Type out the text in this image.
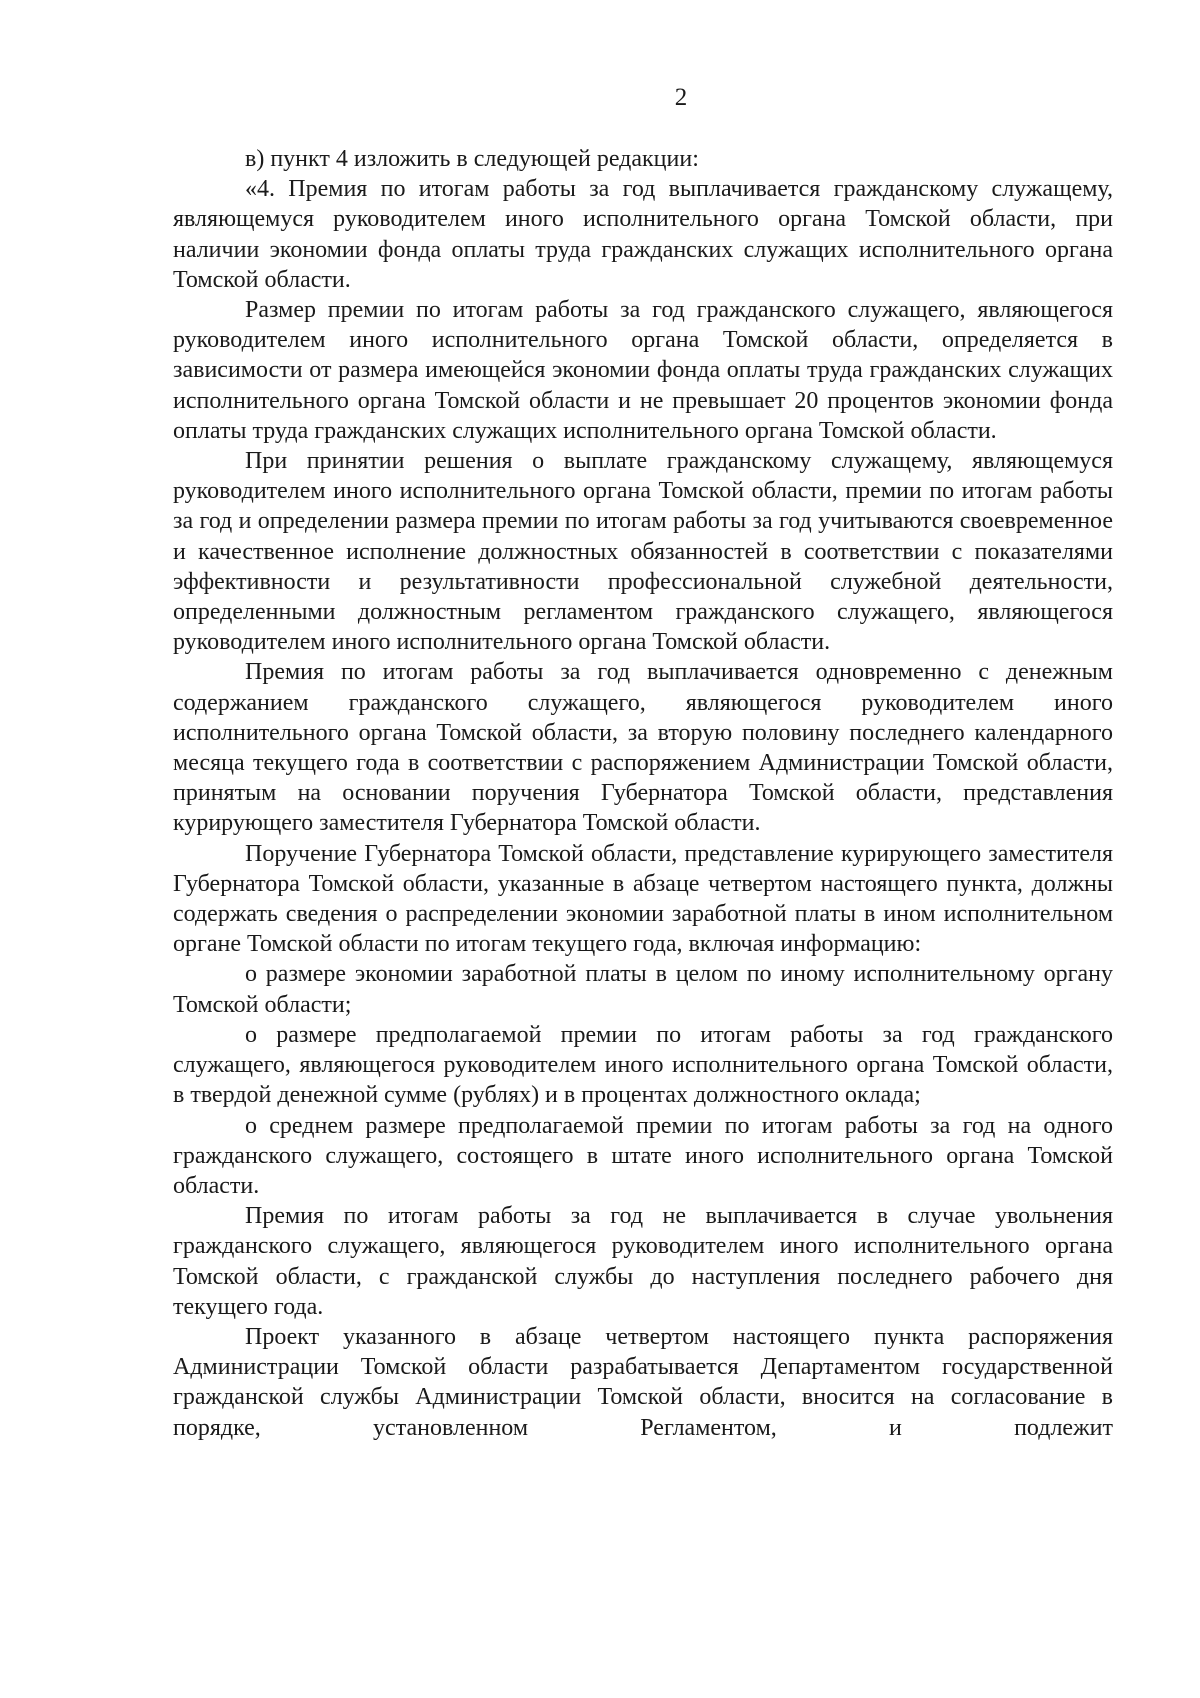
2

в) пункт 4 изложить в следующей редакции:

«4. Премия по итогам работы за год выплачивается гражданскому служащему, являющемуся руководителем иного исполнительного органа Томской области, при наличии экономии фонда оплаты труда гражданских служащих исполнительного органа Томской области.

Размер премии по итогам работы за год гражданского служащего, являющегося руководителем иного исполнительного органа Томской области, определяется в зависимости от размера имеющейся экономии фонда оплаты труда гражданских служащих исполнительного органа Томской области и не превышает 20 процентов экономии фонда оплаты труда гражданских служащих исполнительного органа Томской области.

При принятии решения о выплате гражданскому служащему, являющемуся руководителем иного исполнительного органа Томской области, премии по итогам работы за год и определении размера премии по итогам работы за год учитываются своевременное и качественное исполнение должностных обязанностей в соответствии с показателями эффективности и результативности профессиональной служебной деятельности, определенными должностным регламентом гражданского служащего, являющегося руководителем иного исполнительного органа Томской области.

Премия по итогам работы за год выплачивается одновременно с денежным содержанием гражданского служащего, являющегося руководителем иного исполнительного органа Томской области, за вторую половину последнего календарного месяца текущего года в соответствии с распоряжением Администрации Томской области, принятым на основании поручения Губернатора Томской области, представления курирующего заместителя Губернатора Томской области.

Поручение Губернатора Томской области, представление курирующего заместителя Губернатора Томской области, указанные в абзаце четвертом настоящего пункта, должны содержать сведения о распределении экономии заработной платы в ином исполнительном органе Томской области по итогам текущего года, включая информацию:

о размере экономии заработной платы в целом по иному исполнительному органу Томской области;

о размере предполагаемой премии по итогам работы за год гражданского служащего, являющегося руководителем иного исполнительного органа Томской области, в твердой денежной сумме (рублях) и в процентах должностного оклада;

о среднем размере предполагаемой премии по итогам работы за год на одного гражданского служащего, состоящего в штате иного исполнительного органа Томской области.

Премия по итогам работы за год не выплачивается в случае увольнения гражданского служащего, являющегося руководителем иного исполнительного органа Томской области, с гражданской службы до наступления последнего рабочего дня текущего года.

Проект указанного в абзаце четвертом настоящего пункта распоряжения Администрации Томской области разрабатывается Департаментом государственной гражданской службы Администрации Томской области, вносится на согласование в порядке, установленном Регламентом, и подлежит
